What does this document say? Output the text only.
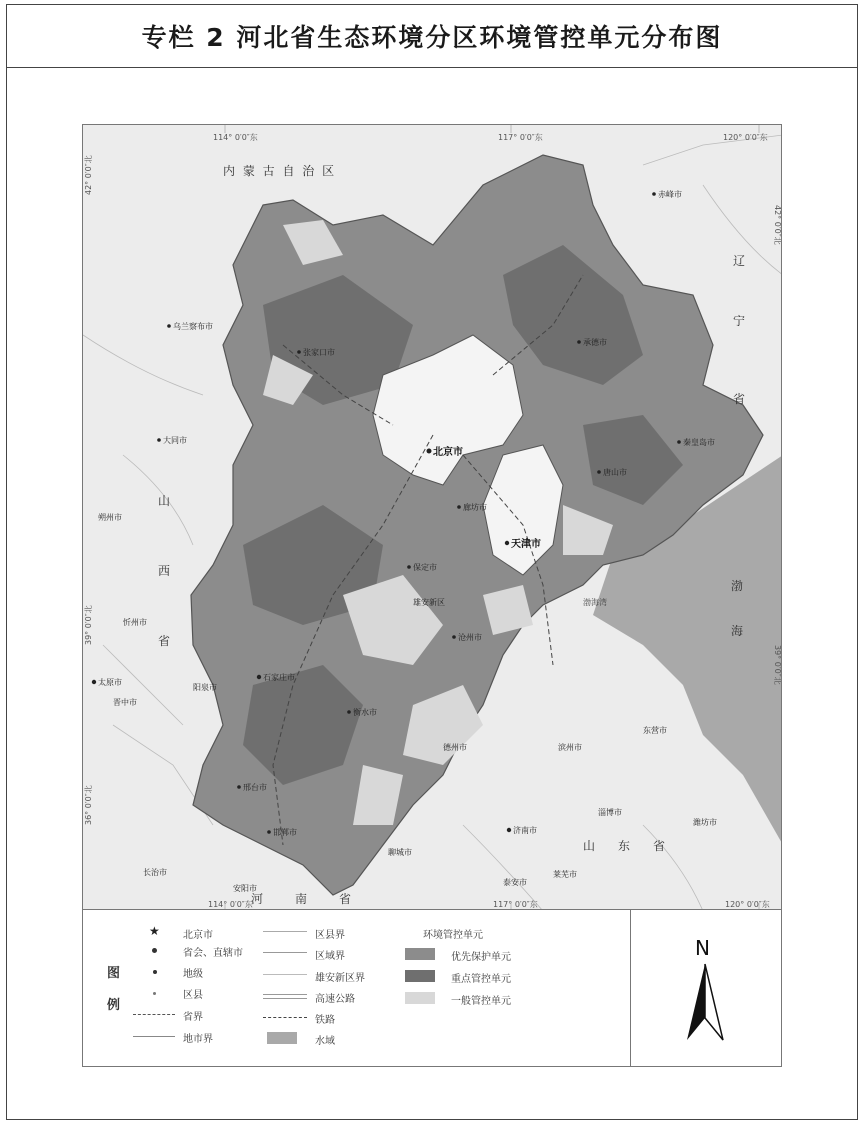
专栏 2 河北省生态环境分区环境管控单元分布图
114° 0′0″东	117° 0′0″东	120° 0′0″东
114° 0′0″东	117° 0′0″东	120° 0′0″东
42° 0′0″北
39° 0′0″北
36° 0′0″北
42° 0′0″北
39° 0′0″北
内 蒙 古 自 治 区
辽
宁
省
山
西
省
山 东 省
河	南	省
渤
海
渤海湾
北京市
天津市
张家口市
承德市
秦皇岛市
唐山市
廊坊市
保定市
沧州市
石家庄市
衡水市
邢台市
邯郸市
大同市
朔州市
忻州市
太原市
晋中市
阳泉市
长治市
安阳市
德州市	滨州市
东营市
淄博市
潍坊市
济南市
聊城市
泰安市
莱芜市
赤峰市
乌兰察布市
雄安新区
图
例
★ 北京市
省会、直辖市
地级
区县
省界
地市界
区县界
区域界
雄安新区界
高速公路
铁路
水域
环境管控单元
优先保护单元
重点管控单元
一般管控单元
N
